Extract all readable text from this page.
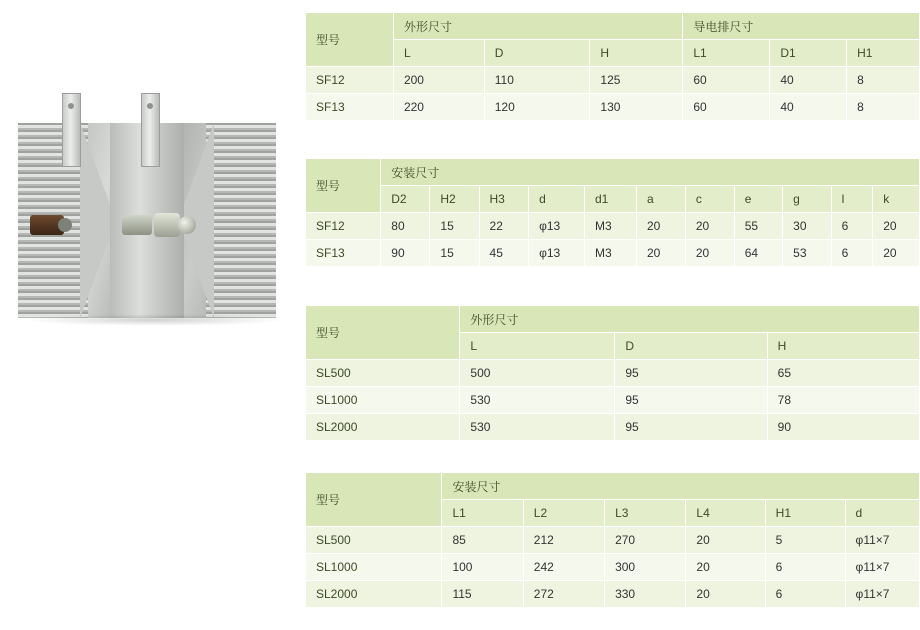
型号	外形尺寸			导电排尺寸		
	L	D	H	L1	D1	H1
SF12	200	110	125	60	40	8
SF13	220	120	130	60	40	8
型号	安装尺寸										
	D2	H2	H3	d	d1	a	c	e	g	l	k
SF12	80	15	22	φ13	M3	20	20	55	30	6	20
SF13	90	15	45	φ13	M3	20	20	64	53	6	20
型号	外形尺寸		
	L	D	H
SL500	500	95	65
SL1000	530	95	78
SL2000	530	95	90
型号	安装尺寸					
	L1	L2	L3	L4	H1	d
SL500	85	212	270	20	5	φ11×7
SL1000	100	242	300	20	6	φ11×7
SL2000	115	272	330	20	6	φ11×7
